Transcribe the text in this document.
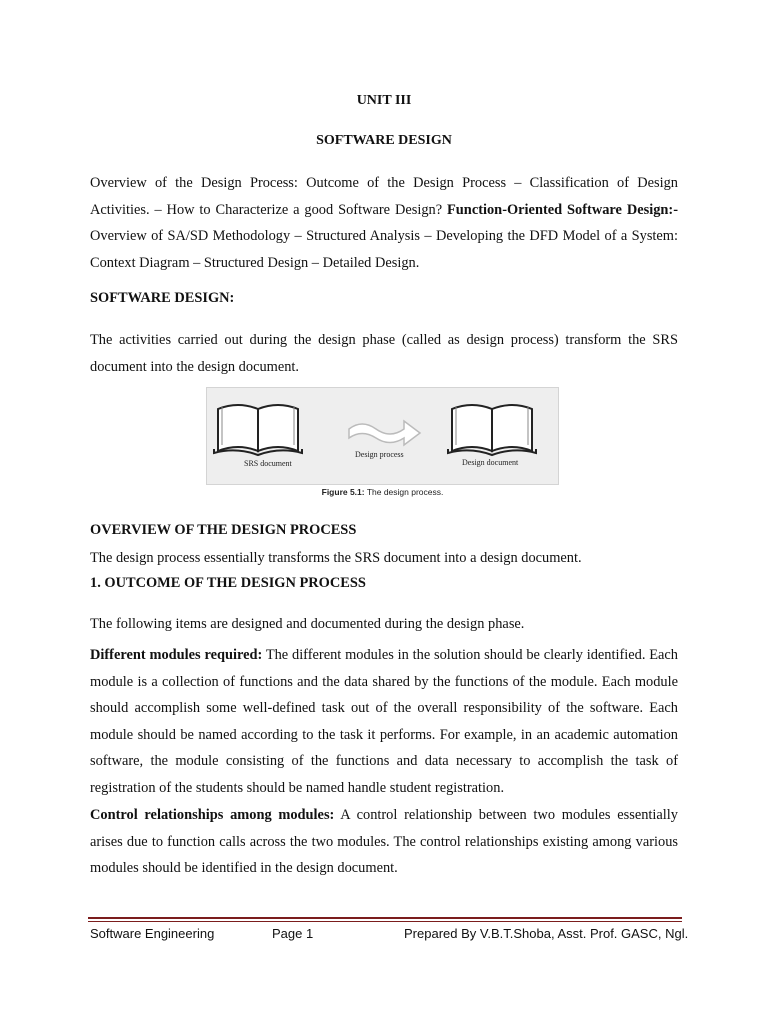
UNIT III
SOFTWARE DESIGN

Overview of the Design Process: Outcome of the Design Process – Classification of Design Activities. – How to Characterize a good Software Design? Function-Oriented Software Design:- Overview of SA/SD Methodology – Structured Analysis – Developing the DFD Model of a System: Context Diagram – Structured Design – Detailed Design.

SOFTWARE DESIGN:

The activities carried out during the design phase (called as design process) transform the SRS document into the design document.

SRS document
Design process
Design document
Figure 5.1: The design process.

OVERVIEW OF THE DESIGN PROCESS

The design process essentially transforms the SRS document into a design document.

1. OUTCOME OF THE DESIGN PROCESS

The following items are designed and documented during the design phase.

Different modules required: The different modules in the solution should be clearly identified. Each module is a collection of functions and the data shared by the functions of the module. Each module should accomplish some well-defined task out of the overall responsibility of the software. Each module should be named according to the task it performs. For example, in an academic automation software, the module consisting of the functions and data necessary to accomplish the task of registration of the students should be named handle student registration.

Control relationships among modules: A control relationship between two modules essentially arises due to function calls across the two modules. The control relationships existing among various modules should be identified in the design document.

Software Engineering	Page 1	Prepared By V.B.T.Shoba, Asst. Prof. GASC, Ngl.
